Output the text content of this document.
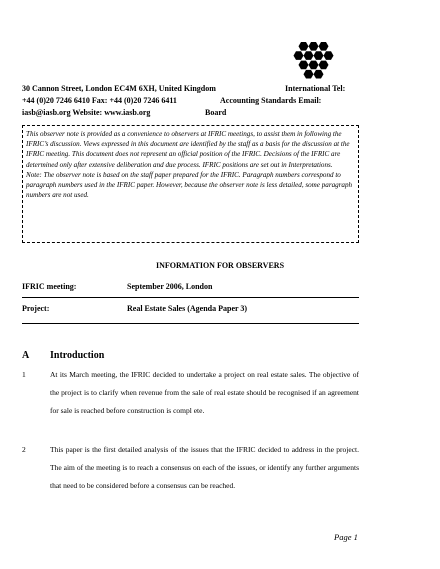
30 Cannon Street, London EC4M 6XH, United Kingdom	International Tel:
+44 (0)20 7246 6410 Fax: +44 (0)20 7246 6411	Accounting Standards Email:
iasb@iasb.org Website: www.iasb.org	Board

This observer note is provided as a convenience to observers at IFRIC meetings, to assist them in following the IFRIC’s discussion. Views expressed in this document are identified by the staff as a basis for the discussion at the IFRIC meeting. This document does not represent an official position of the IFRIC. Decisions of the IFRIC are determined only after extensive deliberation and due process. IFRIC positions are set out in Interpretations.

Note: The observer note is based on the staff paper prepared for the IFRIC. Paragraph numbers correspond to paragraph numbers used in the IFRIC paper. However, because the observer note is less detailed, some paragraph numbers are not used.

INFORMATION FOR OBSERVERS
IFRIC meeting:	September 2006, London
Project:	Real Estate Sales (Agenda Paper 3)
A Introduction
1	At its March meeting, the IFRIC decided to undertake a project on real estate sales. The objective of the project is to clarify when revenue from the sale of real estate should be recognised if an agreement for sale is reached before construction is compl ete.
2	This paper is the first detailed analysis of the issues that the IFRIC decided to address in the project. The aim of the meeting is to reach a consensus on each of the issues, or identify any further arguments that need to be considered before a consensus can be reached.
Page 1
